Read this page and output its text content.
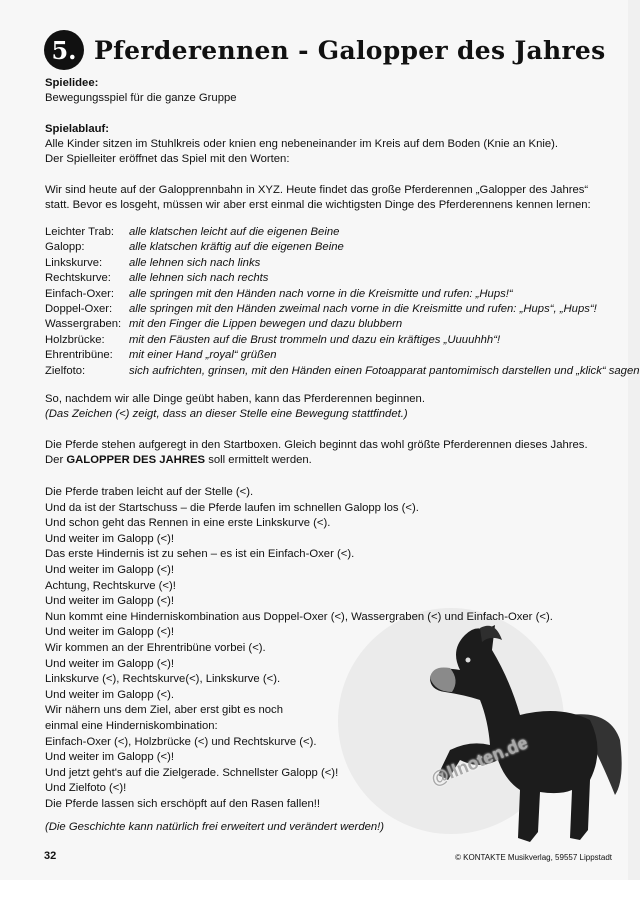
@llnoten.de
5. Pferderennen - Galopper des Jahres
Spielidee:
Bewegungsspiel für die ganze Gruppe
Spielablauf:
Alle Kinder sitzen im Stuhlkreis oder knien eng nebeneinander im Kreis auf dem Boden (Knie an Knie).
Der Spielleiter eröffnet das Spiel mit den Worten:
Wir sind heute auf der Galopprennbahn in XYZ. Heute findet das große Pferderennen „Galopper des Jahres“
statt. Bevor es losgeht, müssen wir aber erst einmal die wichtigsten Dinge des Pferderennens kennen lernen:
Leichter Trab:	alle klatschen leicht auf die eigenen Beine
Galopp:	alle klatschen kräftig auf die eigenen Beine
Linkskurve:	alle lehnen sich nach links
Rechtskurve:	alle lehnen sich nach rechts
Einfach-Oxer:	alle springen mit den Händen nach vorne in die Kreismitte und rufen: „Hups!“
Doppel-Oxer:	alle springen mit den Händen zweimal nach vorne in die Kreismitte und rufen: „Hups“, „Hups“!
Wassergraben: mit den Finger die Lippen bewegen und dazu blubbern
Holzbrücke:	mit den Fäusten auf die Brust trommeln und dazu ein kräftiges „Uuuuhhh“!
Ehrentribüne:	mit einer Hand „royal“ grüßen
Zielfoto:	sich aufrichten, grinsen, mit den Händen einen Fotoapparat pantomimisch darstellen und „klick“ sagen
So, nachdem wir alle Dinge geübt haben, kann das Pferderennen beginnen.
(Das Zeichen (<) zeigt, dass an dieser Stelle eine Bewegung stattfindet.)
Die Pferde stehen aufgeregt in den Startboxen. Gleich beginnt das wohl größte Pferderennen dieses Jahres.
Der GALOPPER DES JAHRES soll ermittelt werden.
Die Pferde traben leicht auf der Stelle (<).
Und da ist der Startschuss – die Pferde laufen im schnellen Galopp los (<).
Und schon geht das Rennen in eine erste Linkskurve (<).
Und weiter im Galopp (<)!
Das erste Hindernis ist zu sehen – es ist ein Einfach-Oxer (<).
Und weiter im Galopp (<)!
Achtung, Rechtskurve (<)!
Und weiter im Galopp (<)!
Nun kommt eine Hinderniskombination aus Doppel-Oxer (<), Wassergraben (<) und Einfach-Oxer (<).
Und weiter im Galopp (<)!
Wir kommen an der Ehrentribüne vorbei (<).
Und weiter im Galopp (<)!
Linkskurve (<), Rechtskurve(<), Linkskurve (<).
Und weiter im Galopp (<).
Wir nähern uns dem Ziel, aber erst gibt es noch
einmal eine Hinderniskombination:
Einfach-Oxer (<), Holzbrücke (<) und Rechtskurve (<).
Und weiter im Galopp (<)!
Und jetzt geht's auf die Zielgerade. Schnellster Galopp (<)!
Und Zielfoto (<)!
Die Pferde lassen sich erschöpft auf den Rasen fallen!!
(Die Geschichte kann natürlich frei erweitert und verändert werden!)
32	© KONTAKTE Musikverlag, 59557 Lippstadt
